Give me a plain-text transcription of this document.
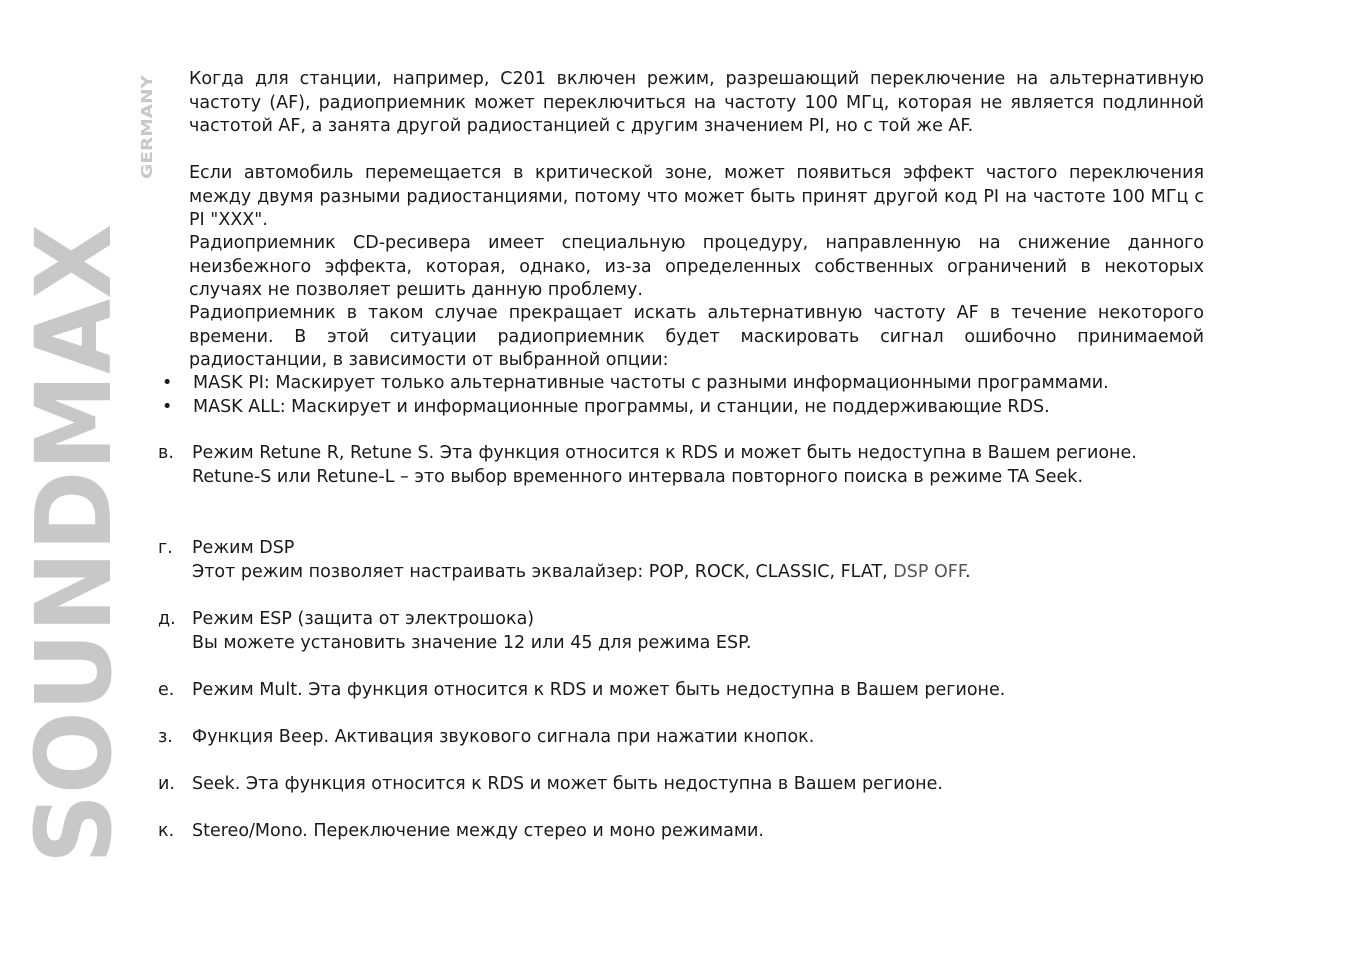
SOUNDMAX
GERMANY

Когда для станции, например, C201 включен режим, разрешающий переключение на альтернативную частоту (AF), радиоприемник может переключиться на частоту 100 МГц, которая не является подлинной частотой AF, а занята другой радиостанцией с другим значением PI, но с той же AF.

Если автомобиль перемещается в критической зоне, может появиться эффект частого переключения между двумя разными радиостанциями, потому что может быть принят другой код PI на частоте 100 МГц с PI "XXX".

Радиоприемник CD-ресивера имеет специальную процедуру, направленную на снижение данного неизбежного эффекта, которая, однако, из-за определенных собственных ограничений в некоторых случаях не позволяет решить данную проблему.

Радиоприемник в таком случае прекращает искать альтернативную частоту AF в течение некоторого времени. В этой ситуации радиоприемник будет маскировать сигнал ошибочно принимаемой радиостанции, в зависимости от выбранной опции:

• MASK PI: Маскирует только альтернативные частоты с разными информационными программами.

• MASK ALL: Маскирует и информационные программы, и станции, не поддерживающие RDS.

в. Режим Retune R, Retune S. Эта функция относится к RDS и может быть недоступна в Вашем регионе.
Retune-S или Retune-L – это выбор временного интервала повторного поиска в режиме TA Seek.
г. Режим DSP
Этот режим позволяет настраивать эквалайзер: POP, ROCK, CLASSIC, FLAT, DSP OFF.
д. Режим ESP (защита от электрошока)
Вы можете установить значение 12 или 45 для режима ESP.
е. Режим Mult. Эта функция относится к RDS и может быть недоступна в Вашем регионе.
з. Функция Beep. Активация звукового сигнала при нажатии кнопок.
и. Seek. Эта функция относится к RDS и может быть недоступна в Вашем регионе.
к. Stereo/Mono. Переключение между стерео и моно режимами.
